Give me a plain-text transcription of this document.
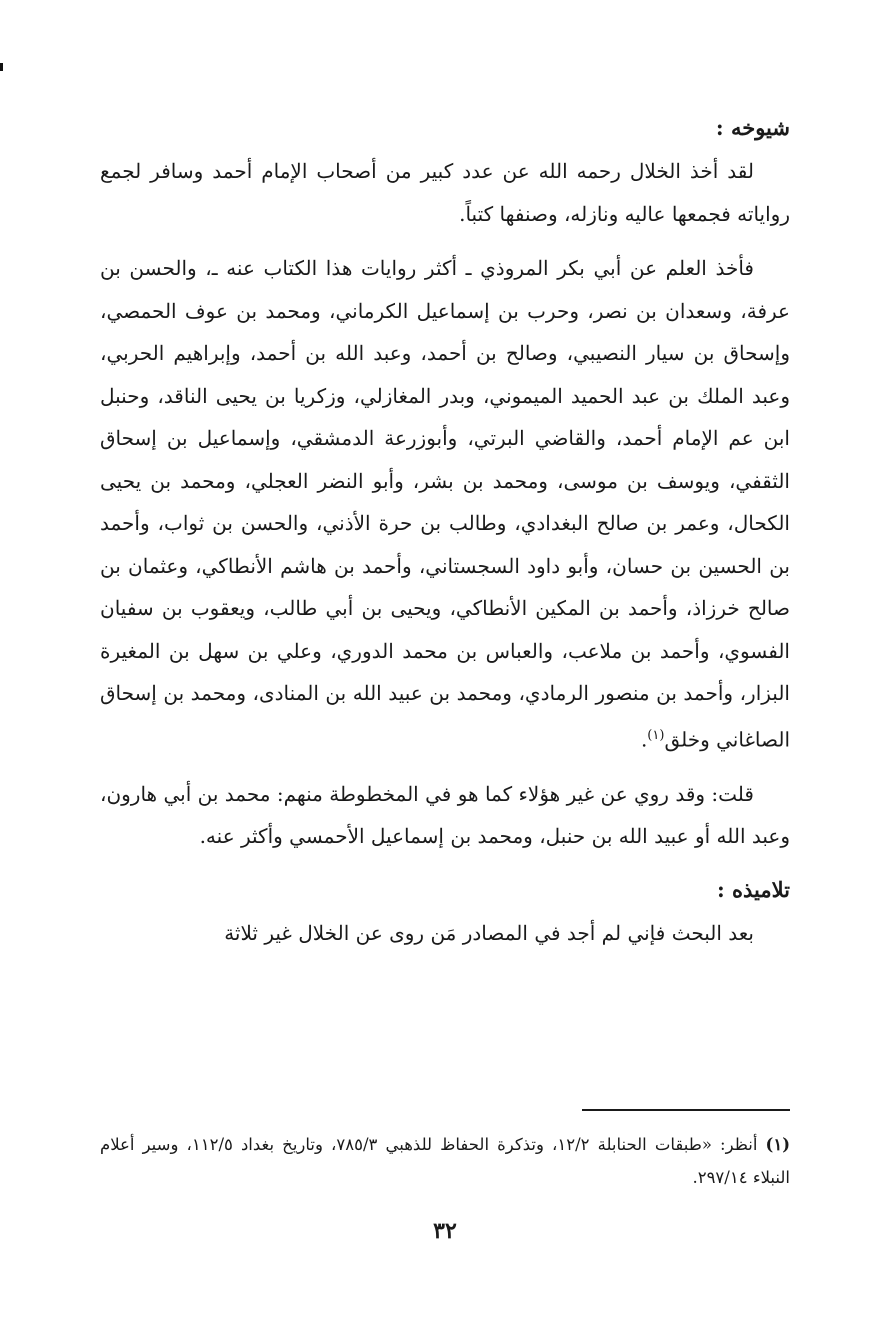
شيوخه :

لقد أخذ الخلال رحمه الله عن عدد كبير من أصحاب الإمام أحمد وسافر لجمع رواياته فجمعها عاليه ونازله، وصنفها كتباً.

فأخذ العلم عن أبي بكر المروذي ـ أكثر روايات هذا الكتاب عنه ـ، والحسن بن عرفة، وسعدان بن نصر، وحرب بن إسماعيل الكرماني، ومحمد بن عوف الحمصي، وإسحاق بن سيار النصيبي، وصالح بن أحمد، وعبد الله بن أحمد، وإبراهيم الحربي، وعبد الملك بن عبد الحميد الميموني، وبدر المغازلي، وزكريا بن يحيى الناقد، وحنبل ابن عم الإمام أحمد، والقاضي البرتي، وأبوزرعة الدمشقي، وإسماعيل بن إسحاق الثقفي، ويوسف بن موسى، ومحمد بن بشر، وأبو النضر العجلي، ومحمد بن يحيى الكحال، وعمر بن صالح البغدادي، وطالب بن حرة الأذني، والحسن بن ثواب، وأحمد بن الحسين بن حسان، وأبو داود السجستاني، وأحمد بن هاشم الأنطاكي، وعثمان بن صالح خرزاذ، وأحمد بن المكين الأنطاكي، ويحيى بن أبي طالب، ويعقوب بن سفيان الفسوي، وأحمد بن ملاعب، والعباس بن محمد الدوري، وعلي بن سهل بن المغيرة البزار، وأحمد بن منصور الرمادي، ومحمد بن عبيد الله بن المنادى، ومحمد بن إسحاق الصاغاني وخلق$^{(١)}$.

قلت: وقد روي عن غير هؤلاء كما هو في المخطوطة منهم: محمد بن أبي هارون، وعبد الله أو عبيد الله بن حنبل، ومحمد بن إسماعيل الأحمسي وأكثر عنه.

تلاميذه :

بعد البحث فإني لم أجد في المصادر مَن روى عن الخلال غير ثلاثة

(١) أنظر: «طبقات الحنابلة ١٢/٢، وتذكرة الحفاظ للذهبي ٧٨٥/٣، وتاريخ بغداد ١١٢/٥، وسير أعلام النبلاء ٢٩٧/١٤.
٣٢
